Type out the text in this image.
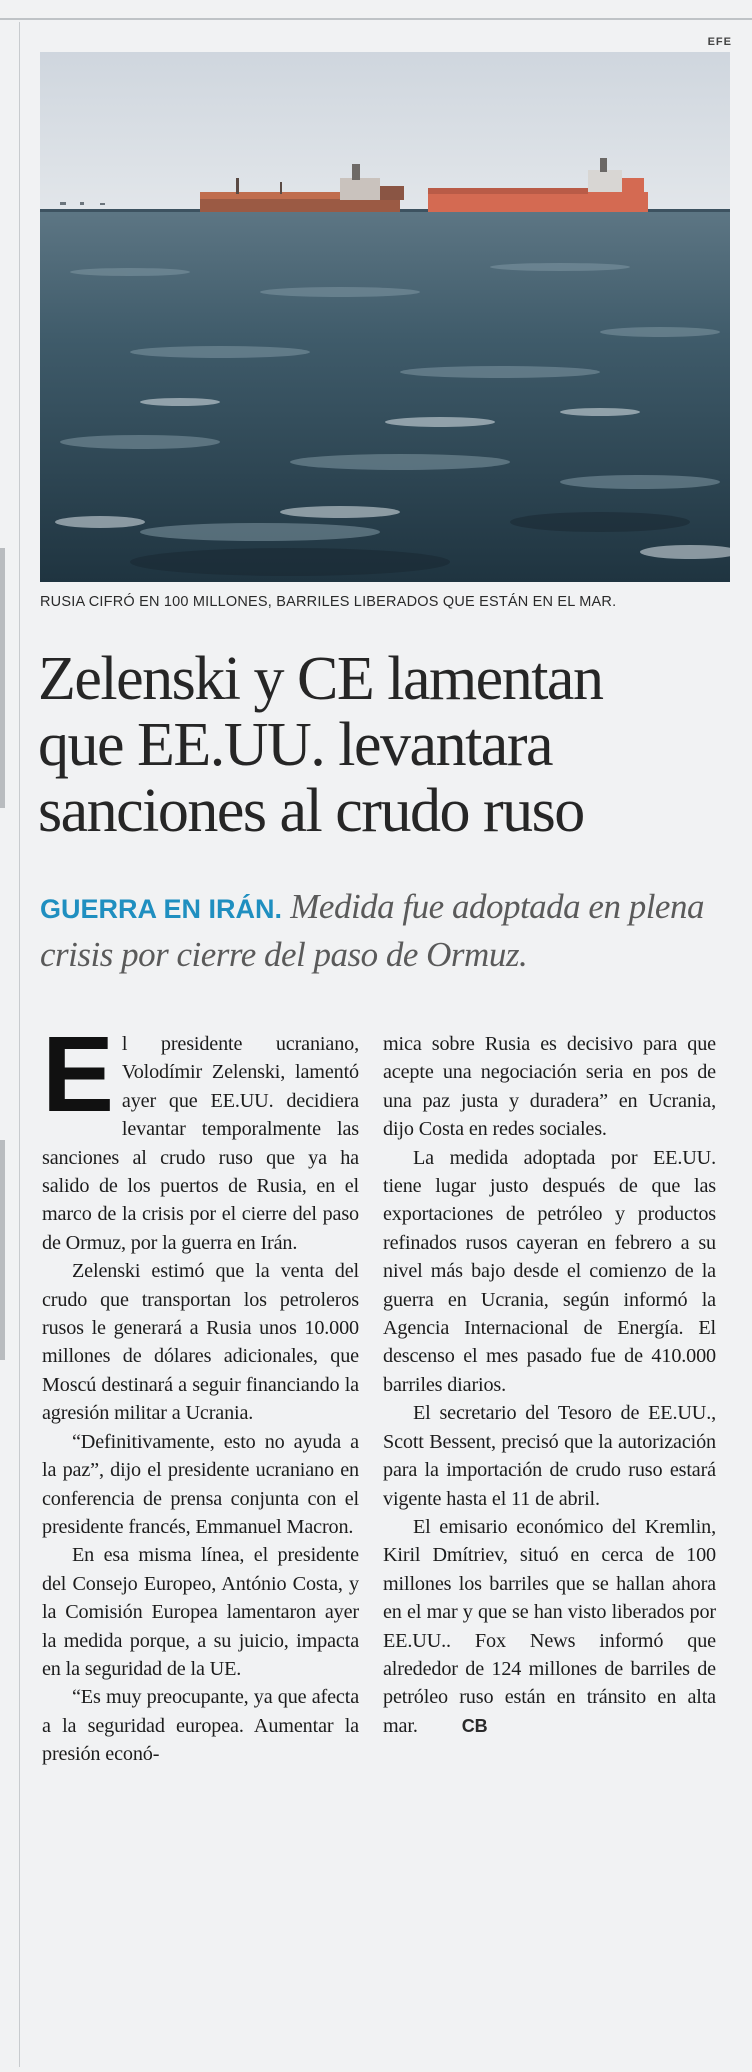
EFE
RUSIA CIFRÓ EN 100 MILLONES, BARRILES LIBERADOS QUE ESTÁN EN EL MAR.
Zelenski y CE lamentan
que EE.UU. levantara
sanciones al crudo ruso
GUERRA EN IRÁN. Medida fue adoptada en plena crisis por cierre del paso de Ormuz.

El presidente ucraniano, Volodímir Zelenski, lamentó ayer que EE.UU. decidiera levantar temporalmente las sanciones al crudo ruso que ya ha salido de los puertos de Rusia, en el marco de la crisis por el cierre del paso de Ormuz, por la guerra en Irán.

Zelenski estimó que la venta del crudo que transportan los petroleros rusos le generará a Rusia unos 10.000 millones de dólares adicionales, que Moscú destinará a seguir financiando la agresión militar a Ucrania.

“Definitivamente, esto no ayuda a la paz”, dijo el presidente ucraniano en conferencia de prensa conjunta con el presidente francés, Emmanuel Macron.

En esa misma línea, el presidente del Consejo Europeo, António Costa, y la Comisión Europea lamentaron ayer la medida porque, a su juicio, impacta en la seguridad de la UE.

“Es muy preocupante, ya que afecta a la seguridad europea. Aumentar la presión econó-

mica sobre Rusia es decisivo para que acepte una negociación seria en pos de una paz justa y duradera” en Ucrania, dijo Costa en redes sociales.

La medida adoptada por EE.UU. tiene lugar justo después de que las exportaciones de petróleo y productos refinados rusos cayeran en febrero a su nivel más bajo desde el comienzo de la guerra en Ucrania, según informó la Agencia Internacional de Energía. El descenso el mes pasado fue de 410.000 barriles diarios.

El secretario del Tesoro de EE.UU., Scott Bessent, precisó que la autorización para la importación de crudo ruso estará vigente hasta el 11 de abril.

El emisario económico del Kremlin, Kiril Dmítriev, situó en cerca de 100 millones los barriles que se hallan ahora en el mar y que se han visto liberados por EE.UU.. Fox News informó que alrededor de 124 millones de barriles de petróleo ruso están en tránsito en alta mar. CB
